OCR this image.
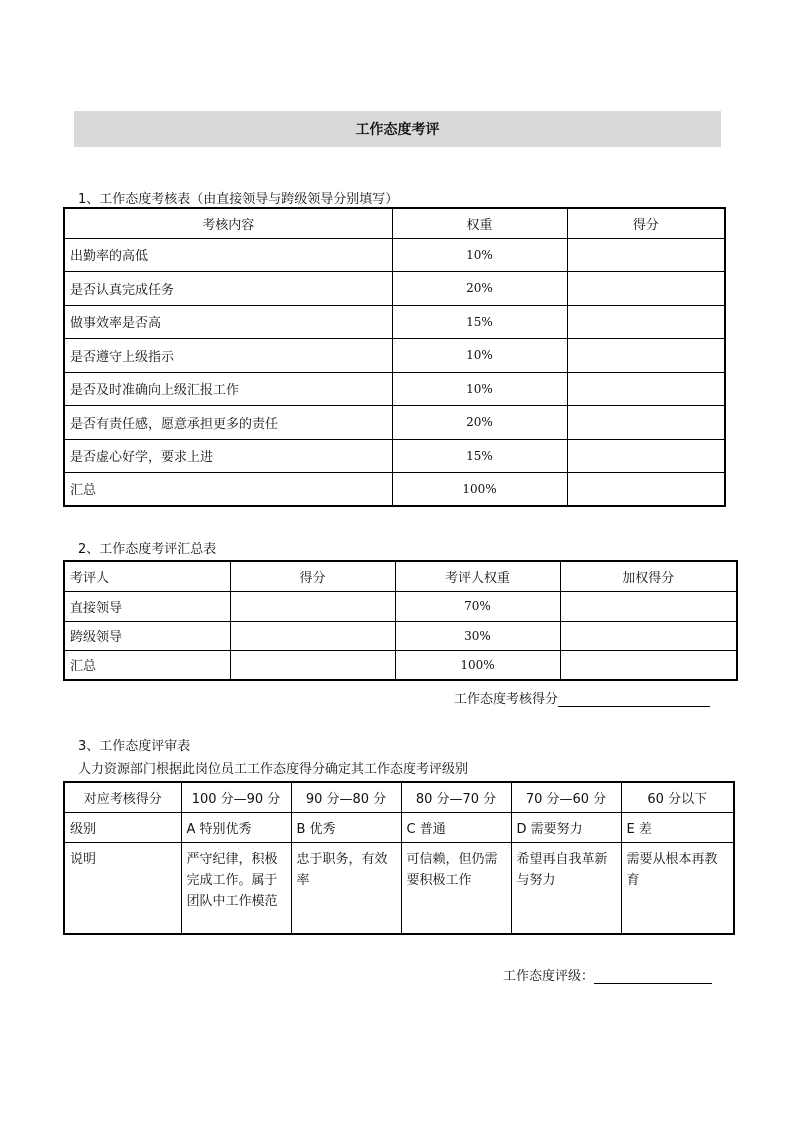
工作态度考评
1、工作态度考核表（由直接领导与跨级领导分别填写）
考核内容	权重	得分
出勤率的高低	10%	
是否认真完成任务	20%	
做事效率是否高	15%	
是否遵守上级指示	10%	
是否及时准确向上级汇报工作	10%	
是否有责任感，愿意承担更多的责任	20%	
是否虚心好学，要求上进	15%	
汇总	100%	
2、工作态度考评汇总表
考评人	得分	考评人权重	加权得分
直接领导		70%	
跨级领导		30%	
汇总		100%	
工作态度考核得分
3、工作态度评审表
人力资源部门根据此岗位员工工作态度得分确定其工作态度考评级别
对应考核得分	100 分—90 分	90 分—80 分	80 分—70 分	70 分—60 分	60 分以下
级别	A 特别优秀	B 优秀	C 普通	D 需要努力	E 差
说明	严守纪律，积极完成工作。属于团队中工作模范	忠于职务，有效率	可信赖，但仍需要积极工作	希望再自我革新与努力	需要从根本再教育
工作态度评级：
